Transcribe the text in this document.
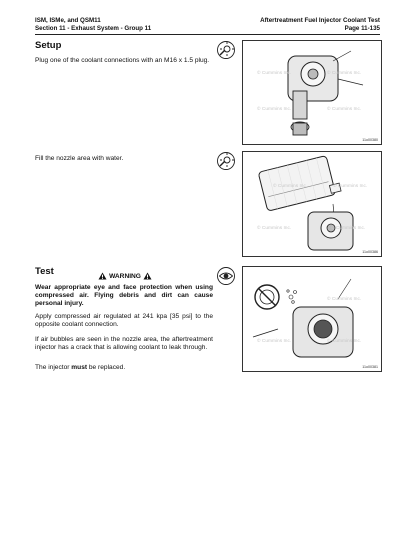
ISM, ISMe, and QSM11
Section 11 - Exhaust System - Group 11
Aftertreatment Fuel Injector Coolant Test
Page 11-135
Setup

Plug one of the coolant connections with an M16 x 1.5 plug.

Fill the nozzle area with water.

© Cummins Inc.	© Cummins Inc.
© Cummins Inc.	© Cummins Inc.
11o00380
© Cummins Inc.	© Cummins Inc.
© Cummins Inc.	© Cummins Inc.
11o00386
Test	WARNING

Wear appropriate eye and face protection when using compressed air. Flying debris and dirt can cause personal injury.

Apply compressed air regulated at 241 kpa [35 psi] to the opposite coolant connection.

If air bubbles are seen in the nozzle area, the aftertreatment injector has a crack that is allowing coolant to leak through.

The injector must be replaced.

© Cummins Inc.
© Cummins Inc.	© Cummins Inc.
11o00381
